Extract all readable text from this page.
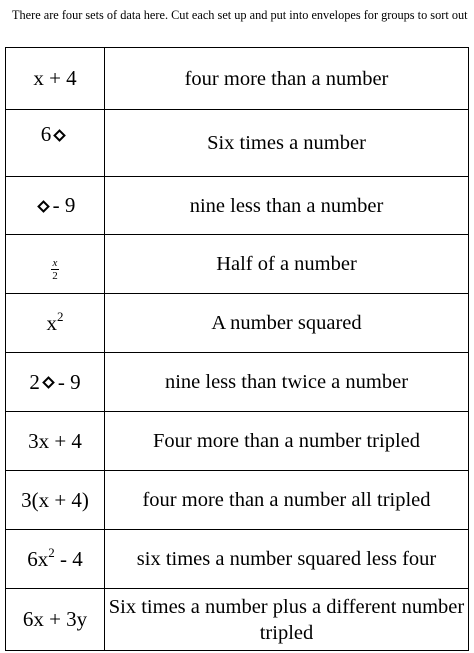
There are four sets of data here. Cut each set up and put into envelopes for groups to sort out
x + 4	four more than a number
6	Six times a number
- 9	nine less than a number

$\frac{x}{2}$	Half of a number
$x^2$	A number squared
2 - 9	nine less than twice a number
3x + 4	Four more than a number tripled
3(x + 4)	four more than a number all tripled
$6x^2 - 4$	six times a number squared less four
6x + 3y	Six times a number plus a different number tripled
